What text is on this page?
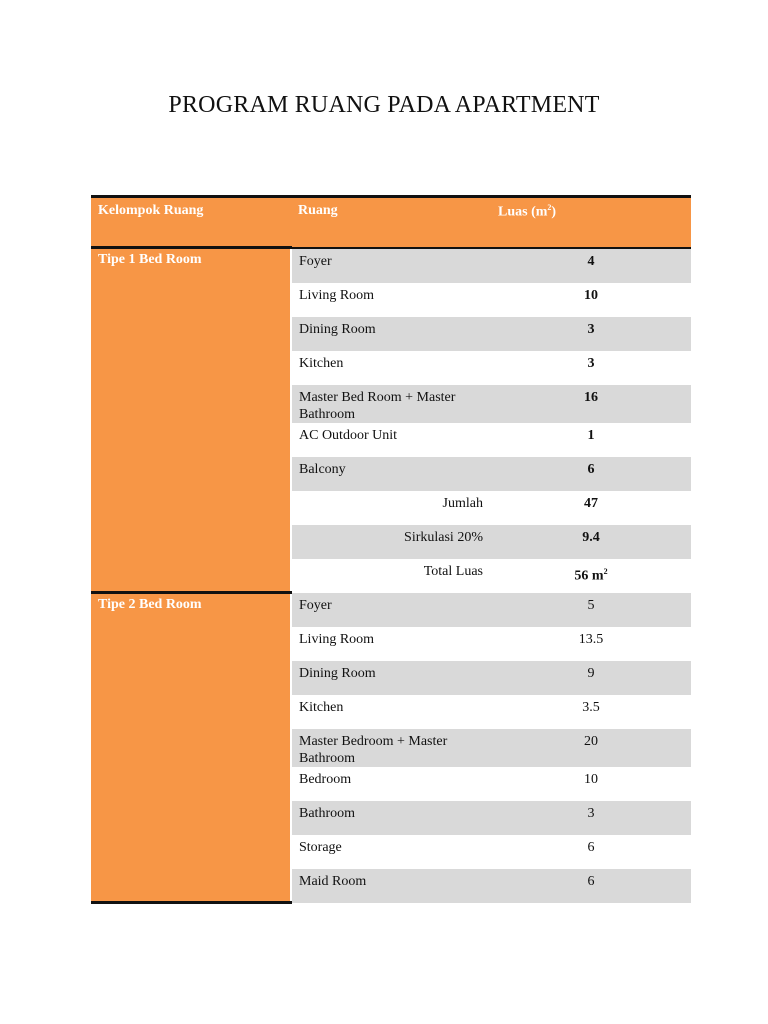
PROGRAM RUANG PADA APARTMENT
Kelompok Ruang	Ruang	Luas $(m^2)$
Tipe 1 Bed Room	Foyer	4
	Living Room	10
	Dining Room	3
	Kitchen	3
	Master Bed Room + Master Bathroom	16
	AC Outdoor Unit	1
	Balcony	6
	Jumlah	47
	Sirkulasi 20%	9.4
	Total Luas	56 $m^2$
Tipe 2 Bed Room	Foyer	5
	Living Room	13.5
	Dining Room	9
	Kitchen	3.5
	Master Bedroom + Master Bathroom	20
	Bedroom	10
	Bathroom	3
	Storage	6
	Maid Room	6
